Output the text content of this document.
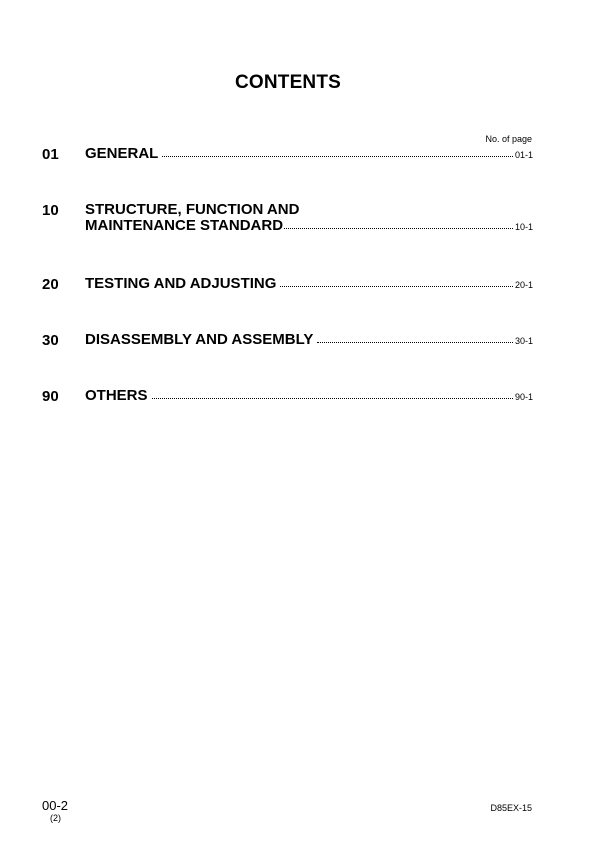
CONTENTS
No. of page
01 GENERAL	01-1
10 STRUCTURE, FUNCTION AND
MAINTENANCE STANDARD	10-1
20 TESTING AND ADJUSTING	20-1
30 DISASSEMBLY AND ASSEMBLY	30-1
90 OTHERS	90-1
00-2
(2)
D85EX-15
